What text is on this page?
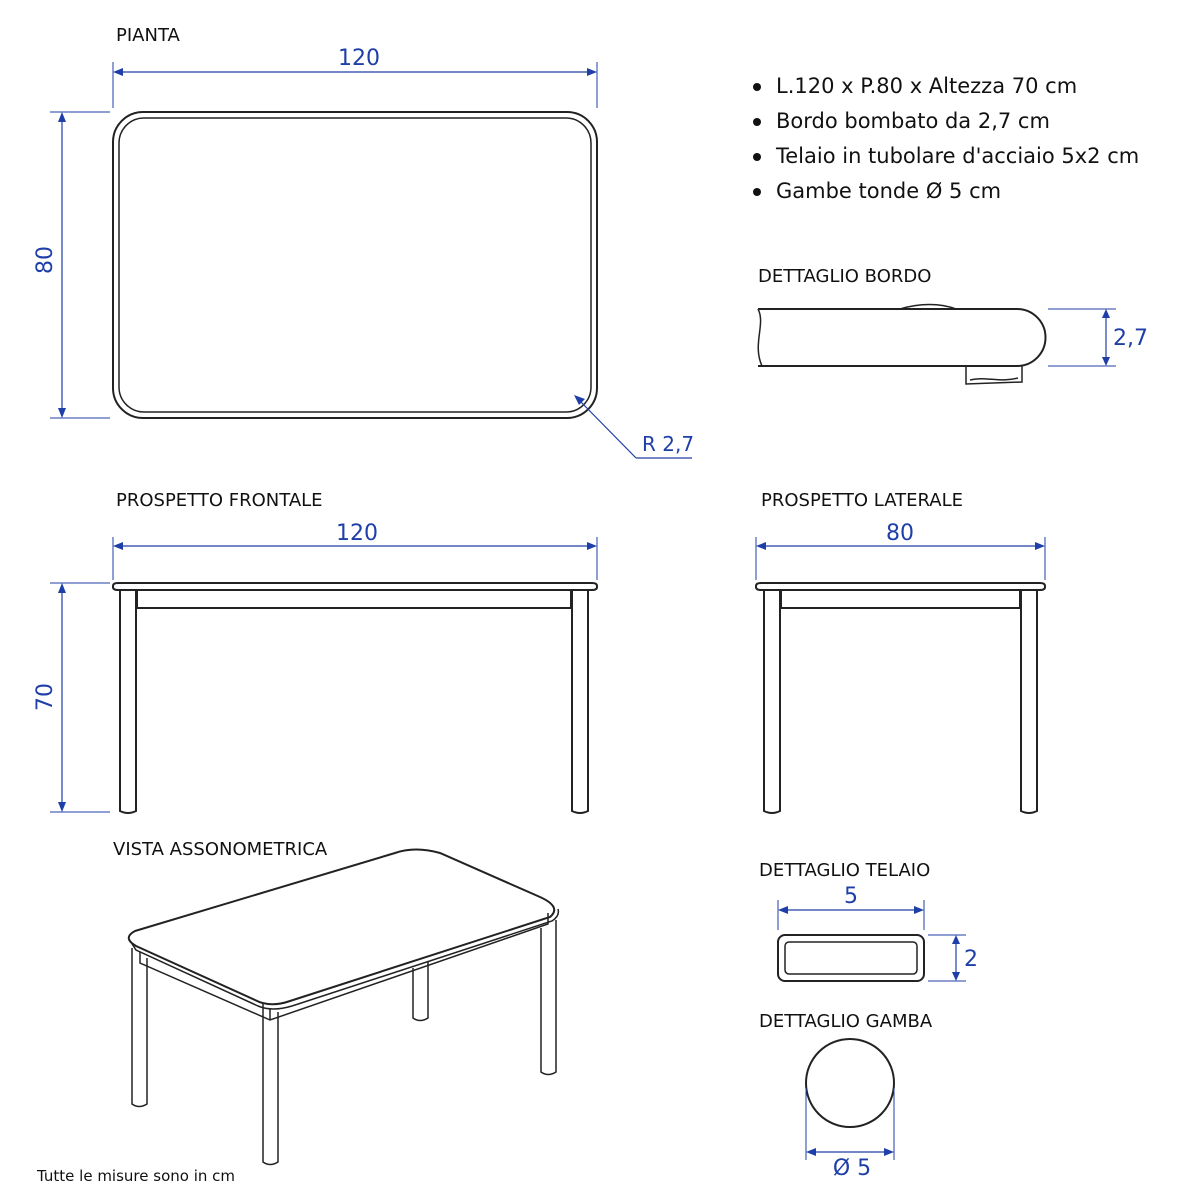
PIANTA
120
80
R 2,7
L.120 x P.80 x Altezza 70 cm
Bordo bombato da 2,7 cm
Telaio in tubolare d'acciaio 5x2 cm
Gambe tonde Ø 5 cm
DETTAGLIO BORDO
2,7
PROSPETTO FRONTALE
120
70
PROSPETTO LATERALE
80
VISTA ASSONOMETRICA
DETTAGLIO TELAIO
5
2
DETTAGLIO GAMBA
Ø 5
Tutte le misure sono in cm
